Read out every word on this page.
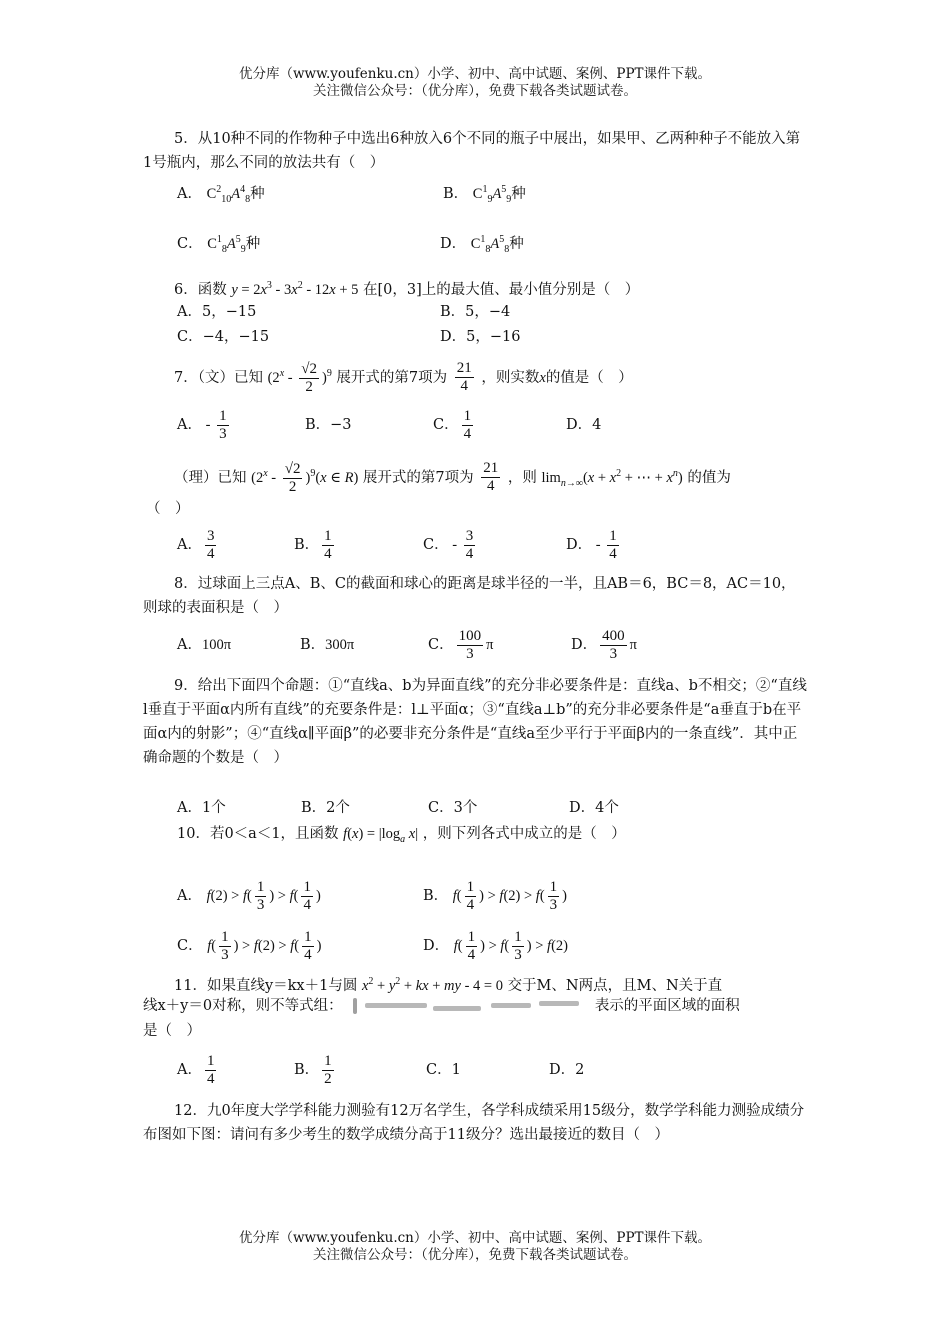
优分库（www.youfenku.cn）小学、初中、高中试题、案例、PPT课件下载。
关注微信公众号：（优分库），免费下载各类试题试卷。
5．从10种不同的作物种子中选出6种放入6个不同的瓶子中展出，如果甲、乙两种种子不能放入第1号瓶内，那么不同的放法共有（　）
A． $C^2_{10}A^4_8$种	B． $C^1_9A^5_9$种
C． $C^1_8A^5_9$种	D． $C^1_8A^5_8$种
6．函数 $y = 2x^3 - 3x^2 - 12x + 5$ 在[0，3]上的最大值、最小值分别是（　）
A．5，−15	B．5，−4
C．−4，−15	D．5，−16
7．（文）已知 $(2^x - \frac{√2}{2} )^9$ 展开式的第7项为 $\frac{21}{4}$ ，则实数x的值是（　）
A． - $\frac{1}{3}$	B．−3	C． $\frac{1}{4}$	D．4
（理）已知 $(2^x - \frac{√2}{2} )^9(x$ ∈ R) 展开式的第7项为 $\frac{21}{4}$ ，则 $\lim_{n\to\infty}(x + x^2$ + ⋯ + $x^n$) 的值为
（　）
A． $\frac{3}{4}$	B． $\frac{1}{4}$	C． - $\frac{3}{4}$	D． - $\frac{1}{4}$
8．过球面上三点A、B、C的截面和球心的距离是球半径的一半，且AB＝6，BC＝8，AC＝10，则球的表面积是（　）
A．100π	B．300π	C． $\frac{100}{3}$ π	D． $\frac{400}{3}$ π
9．给出下面四个命题：①“直线a、b为异面直线”的充分非必要条件是：直线a、b不相交；②“直线l垂直于平面α内所有直线”的充要条件是：l⊥平面α；③“直线a⊥b”的充分非必要条件是“a垂直于b在平面α内的射影”；④“直线α∥平面β”的必要非充分条件是“直线a至少平行于平面β内的一条直线”．其中正确命题的个数是（　）
A．1个	B．2个	C．3个	D．4个
10．若0＜a＜1，且函数 $f(x) = |\log_a$ x| ，则下列各式中成立的是（　）
A． $f(2) > f( \frac{1}{3}$ ) > $f( \frac{1}{4}$ )	B． $f( \frac{1}{4}$ ) > $f(2) > f( \frac{1}{3}$ )
C． $f( \frac{1}{3}$ ) > $f(2) > f( \frac{1}{4}$ )	D． $f( \frac{1}{4}$ ) > $f( \frac{1}{3}$ ) > f(2)
11．如果直线y＝kx＋1与圆 $x^2 + y^2$ + kx + my - 4 = 0 交于M、N两点，且M、N关于直
线x＋y＝0对称，则不等式组：	表示的平面区域的面积
是（　）
A． $\frac{1}{4}$	B． $\frac{1}{2}$	C．1	D．2
12．九0年度大学学科能力测验有12万名学生，各学科成绩采用15级分，数学学科能力测验成绩分布图如下图：请问有多少考生的数学成绩分高于11级分？选出最接近的数目（　）
优分库（www.youfenku.cn）小学、初中、高中试题、案例、PPT课件下载。
关注微信公众号：（优分库），免费下载各类试题试卷。
